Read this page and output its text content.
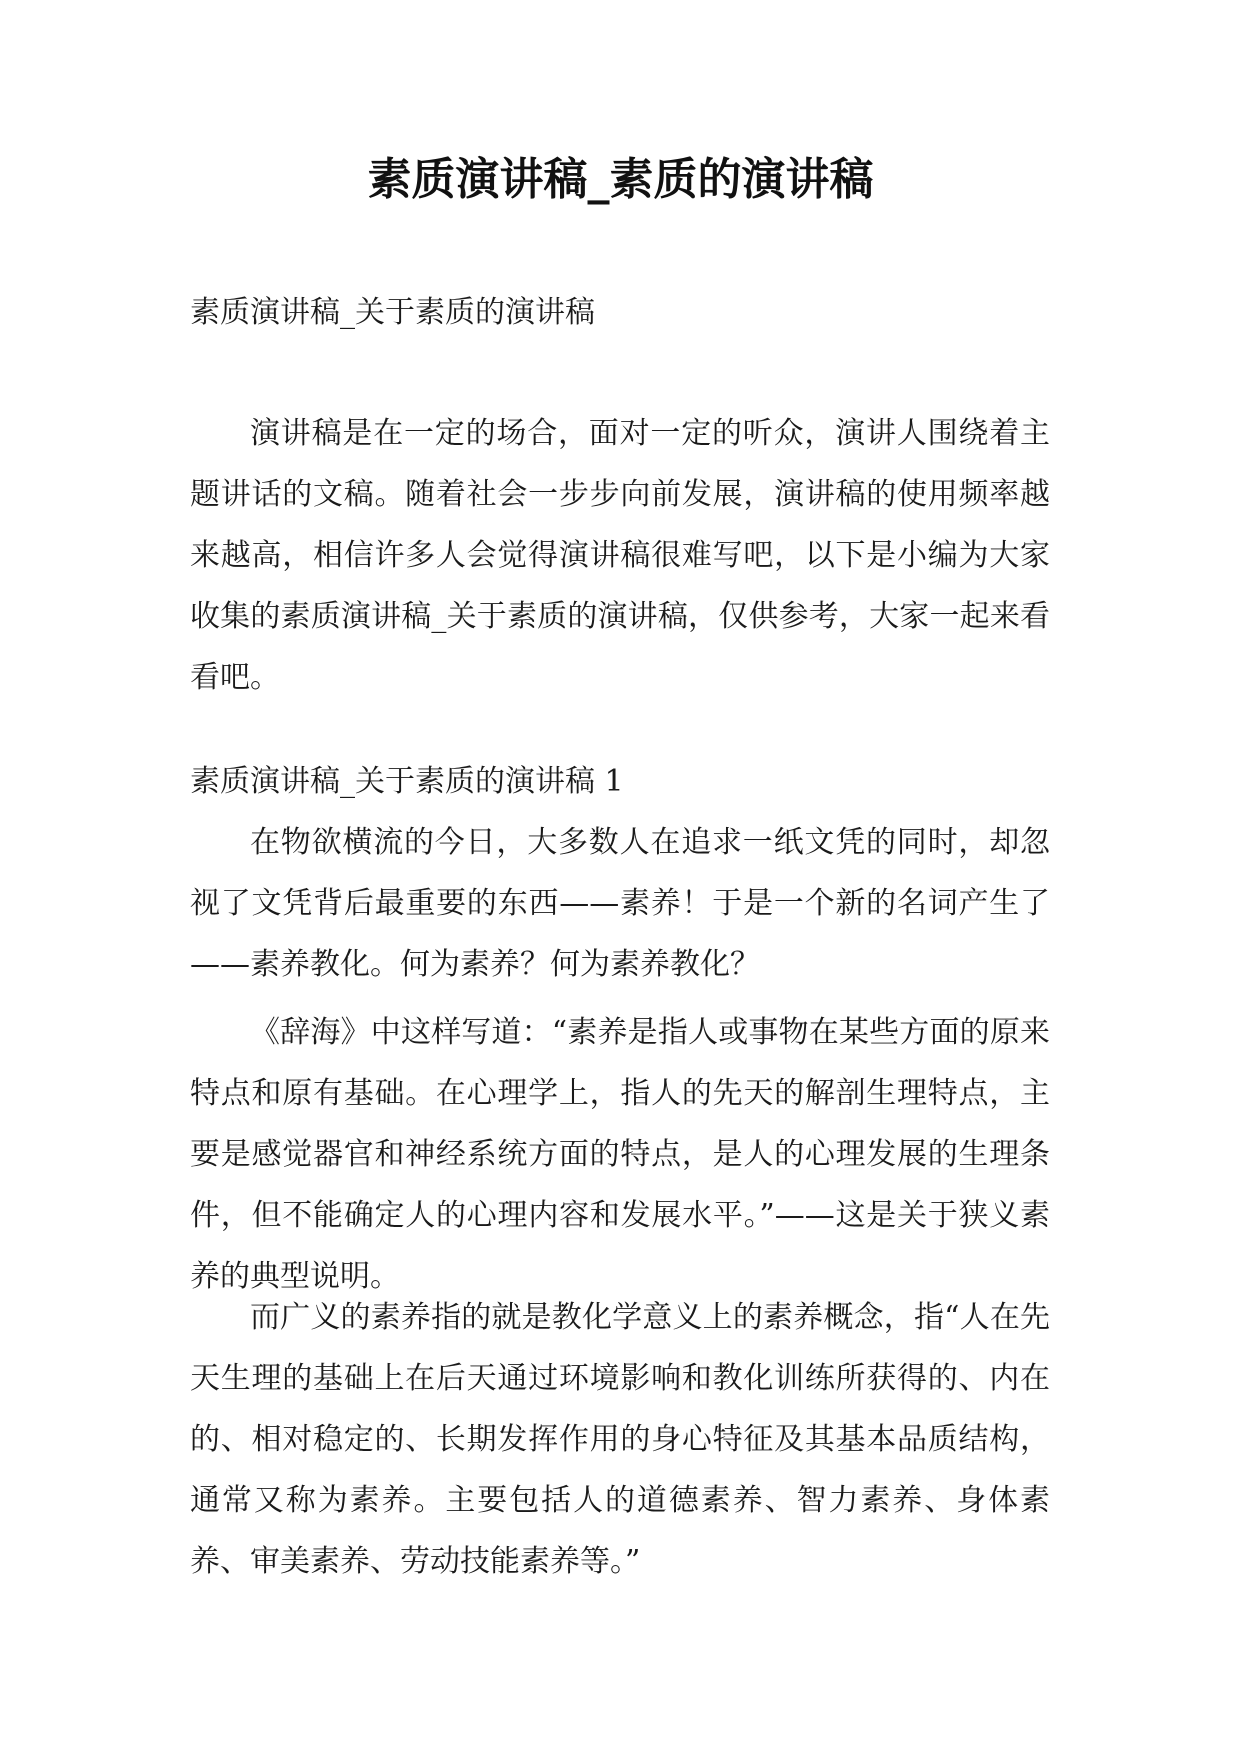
素质演讲稿_素质的演讲稿
素质演讲稿_关于素质的演讲稿

演讲稿是在一定的场合，面对一定的听众，演讲人围绕着主题讲话的文稿。随着社会一步步向前发展，演讲稿的使用频率越来越高，相信许多人会觉得演讲稿很难写吧，以下是小编为大家收集的素质演讲稿_关于素质的演讲稿，仅供参考，大家一起来看看吧。

素质演讲稿_关于素质的演讲稿 1

在物欲横流的今日，大多数人在追求一纸文凭的同时，却忽视了文凭背后最重要的东西——素养！于是一个新的名词产生了——素养教化。何为素养？何为素养教化？

《辞海》中这样写道：“素养是指人或事物在某些方面的原来特点和原有基础。在心理学上，指人的先天的解剖生理特点，主要是感觉器官和神经系统方面的特点，是人的心理发展的生理条件，但不能确定人的心理内容和发展水平。”——这是关于狭义素养的典型说明。

而广义的素养指的就是教化学意义上的素养概念，指“人在先天生理的基础上在后天通过环境影响和教化训练所获得的、内在的、相对稳定的、长期发挥作用的身心特征及其基本品质结构，通常又称为素养。主要包括人的道德素养、智力素养、身体素养、审美素养、劳动技能素养等。”
